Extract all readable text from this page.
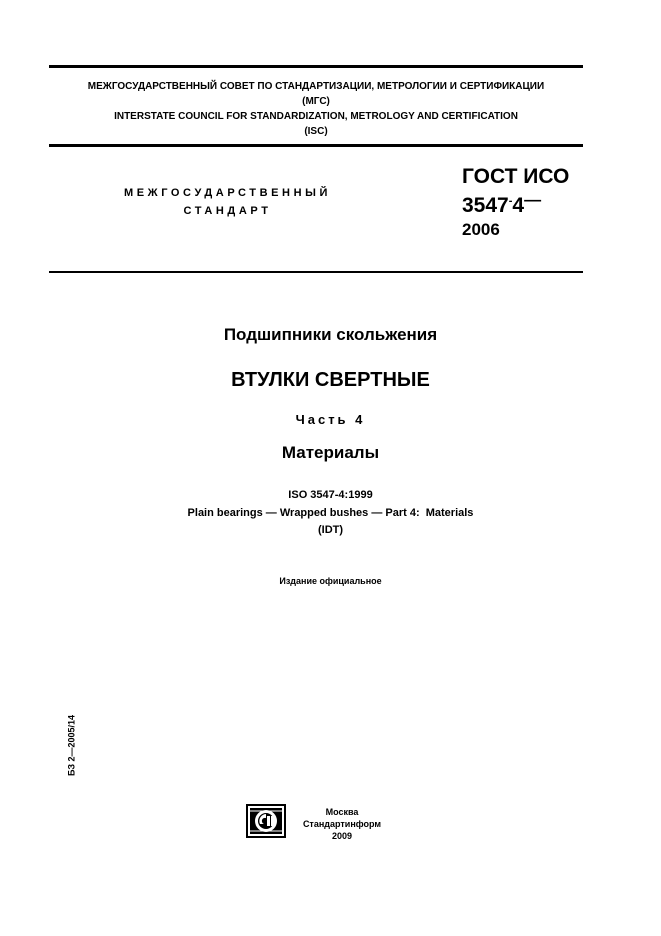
МЕЖГОСУДАРСТВЕННЫЙ СОВЕТ ПО СТАНДАРТИЗАЦИИ, МЕТРОЛОГИИ И СЕРТИФИКАЦИИ
(МГС)
INTERSTATE COUNCIL FOR STANDARDIZATION, METROLOGY AND CERTIFICATION
(ISC)
МЕЖГОСУДАРСТВЕННЫЙ
СТАНДАРТ
ГОСТ ИСО
3547-4—
2006
Подшипники скольжения
ВТУЛКИ СВЕРТНЫЕ
Часть 4
Материалы
ISO 3547-4:1999
Plain bearings — Wrapped bushes — Part 4:  Materials
(IDT)
Издание официальное
БЗ 2—2005/14
Москва
Стандартинформ
2009
